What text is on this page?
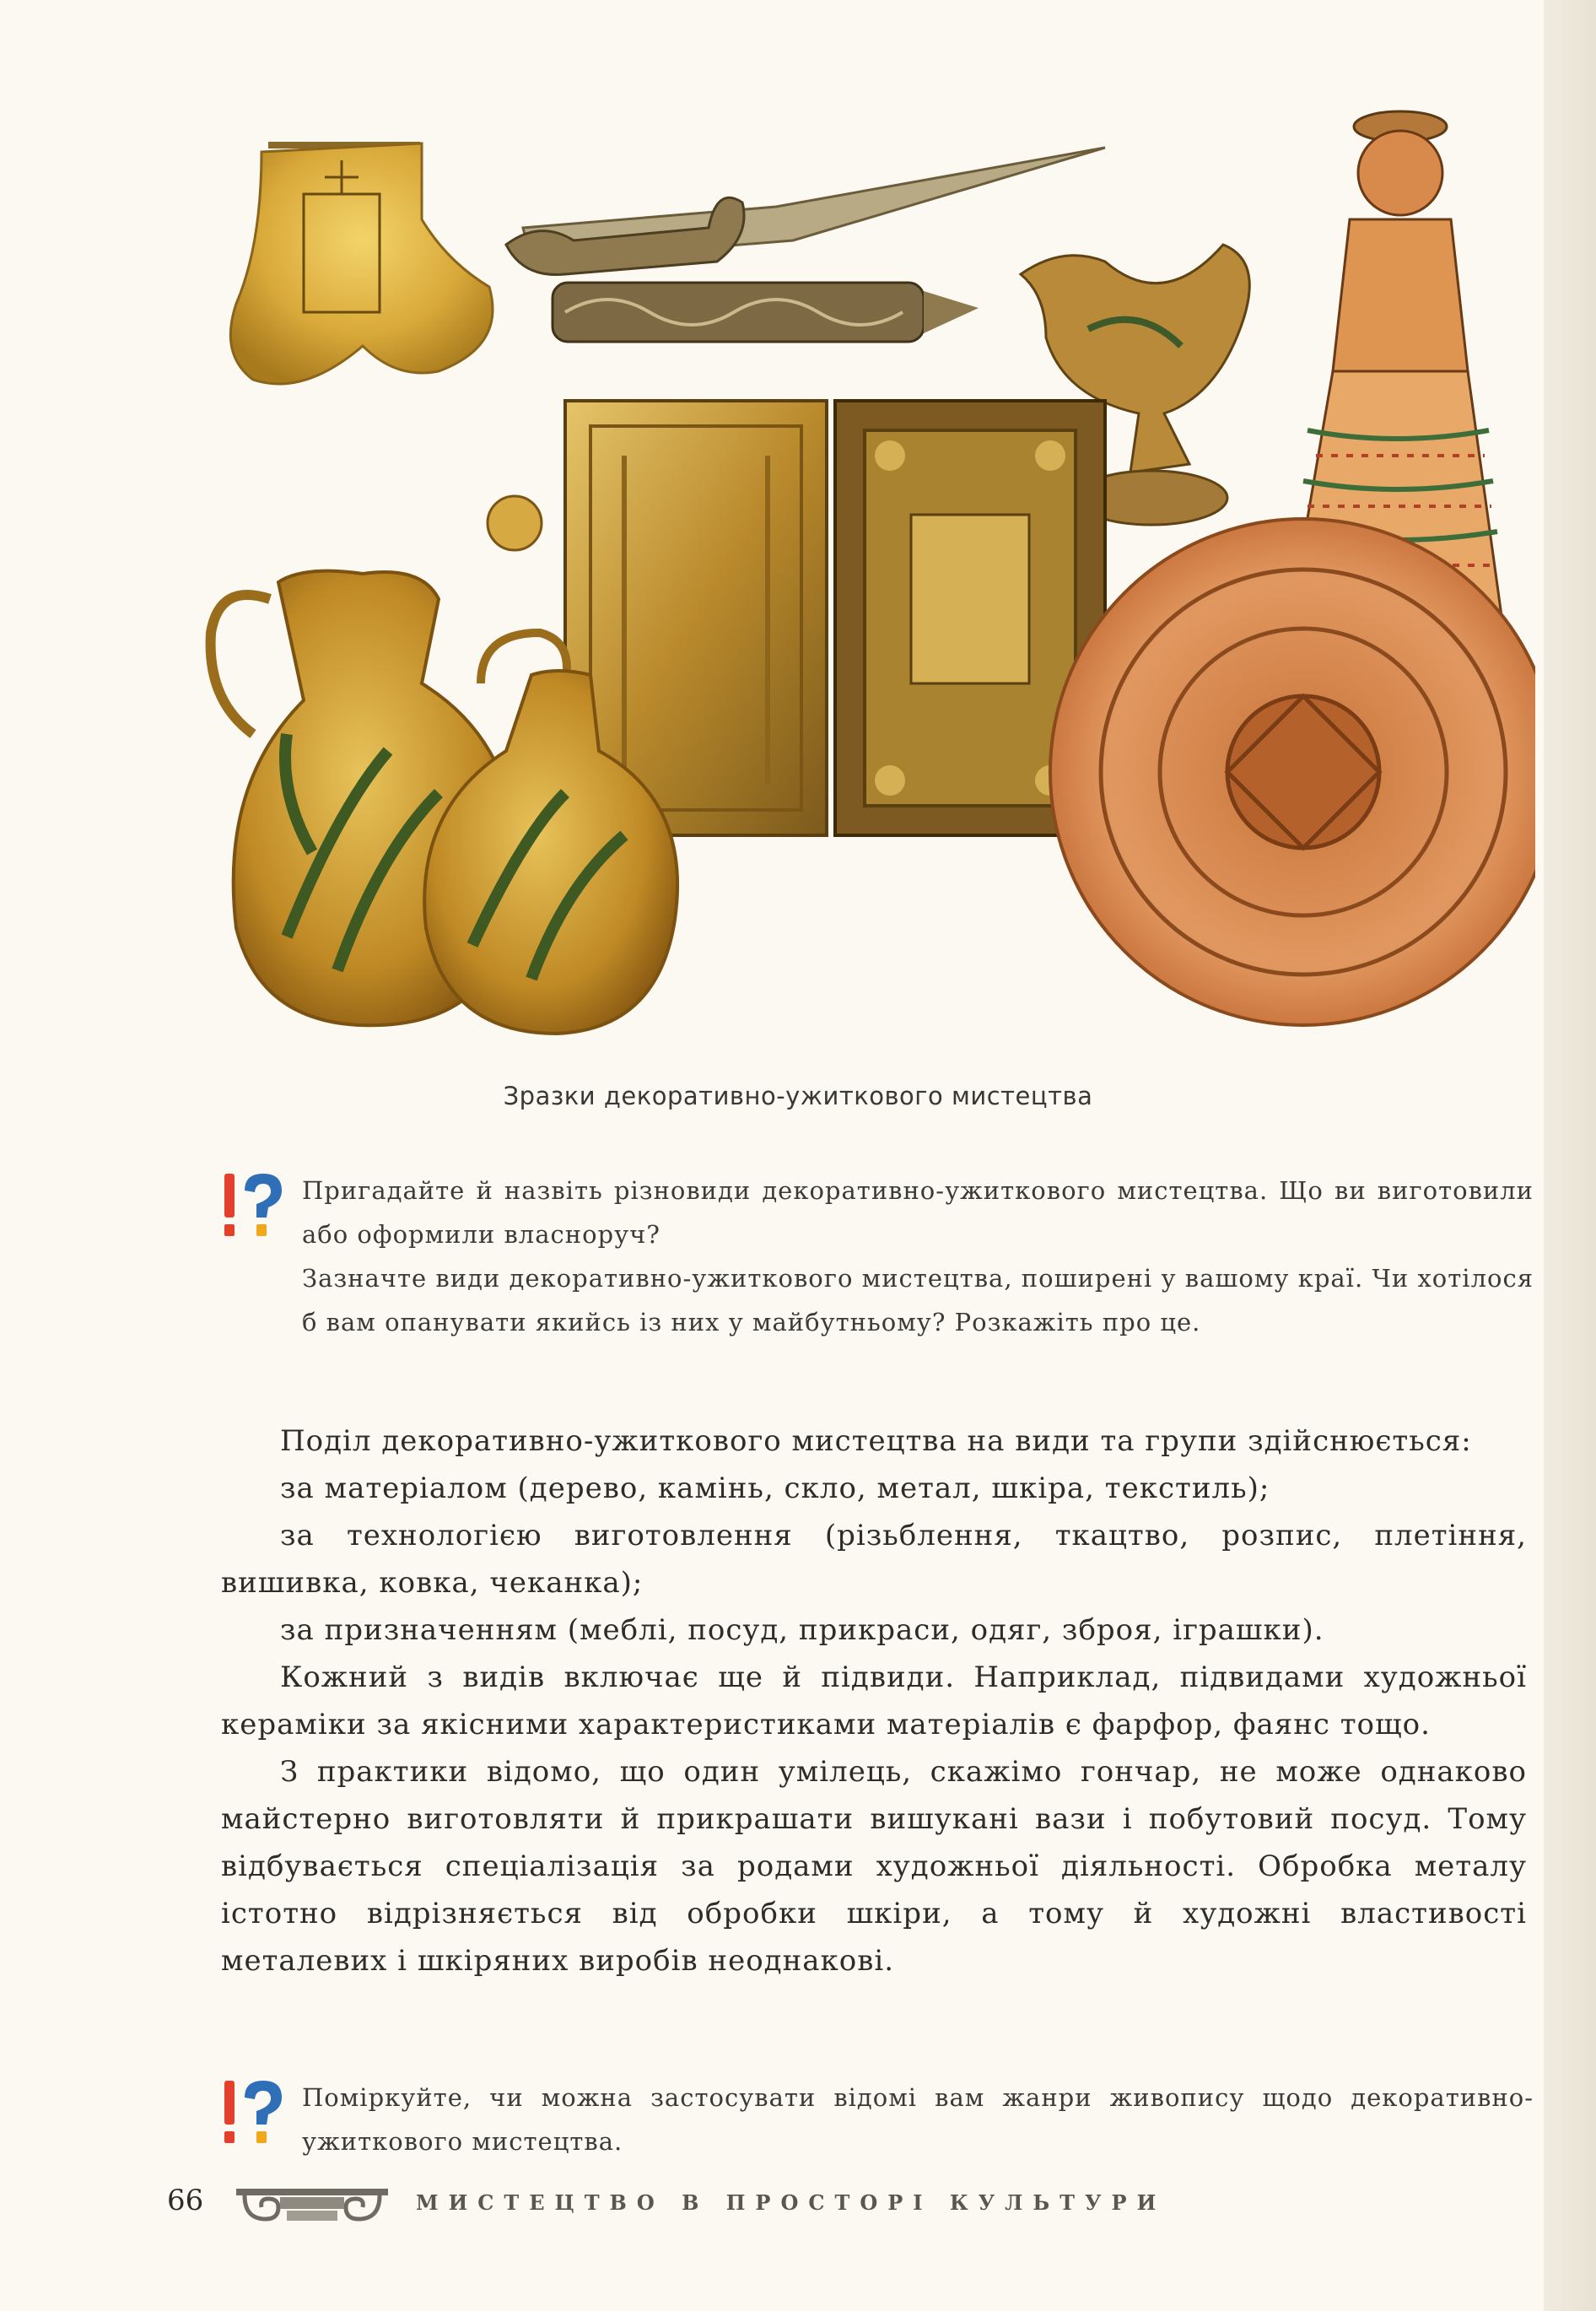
Зразки декоративно-ужиткового мистецтва

Пригадайте й назвіть різновиди декоративно-ужиткового мистецтва. Що ви виготовили або оформили власноруч?

Зазначте види декоративно-ужиткового мистецтва, поширені у вашому краї. Чи хотілося б вам опанувати якийсь із них у майбутньому? Розкажіть про це.

Поділ декоративно-ужиткового мистецтва на види та групи здійснюється:

за матеріалом (дерево, камінь, скло, метал, шкіра, текстиль);

за технологією виготовлення (різьблення, ткацтво, розпис, плетіння, вишивка, ковка, чеканка);

за призначенням (меблі, посуд, прикраси, одяг, зброя, іграшки).

Кожний з видів включає ще й підвиди. Наприклад, підвидами художньої кераміки за якісними характеристиками матеріалів є фарфор, фаянс тощо.

З практики відомо, що один умілець, скажімо гончар, не може однаково майстерно виготовляти й прикрашати вишукані вази і побутовий посуд. Тому відбувається спеціалізація за родами художньої діяльності. Обробка металу істотно відрізняється від обробки шкіри, а тому й художні властивості металевих і шкіряних виробів неоднакові.

Поміркуйте, чи можна застосувати відомі вам жанри живопису щодо декоративно-ужиткового мистецтва.

66	МИСТЕЦТВО В ПРОСТОРІ КУЛЬТУРИ
